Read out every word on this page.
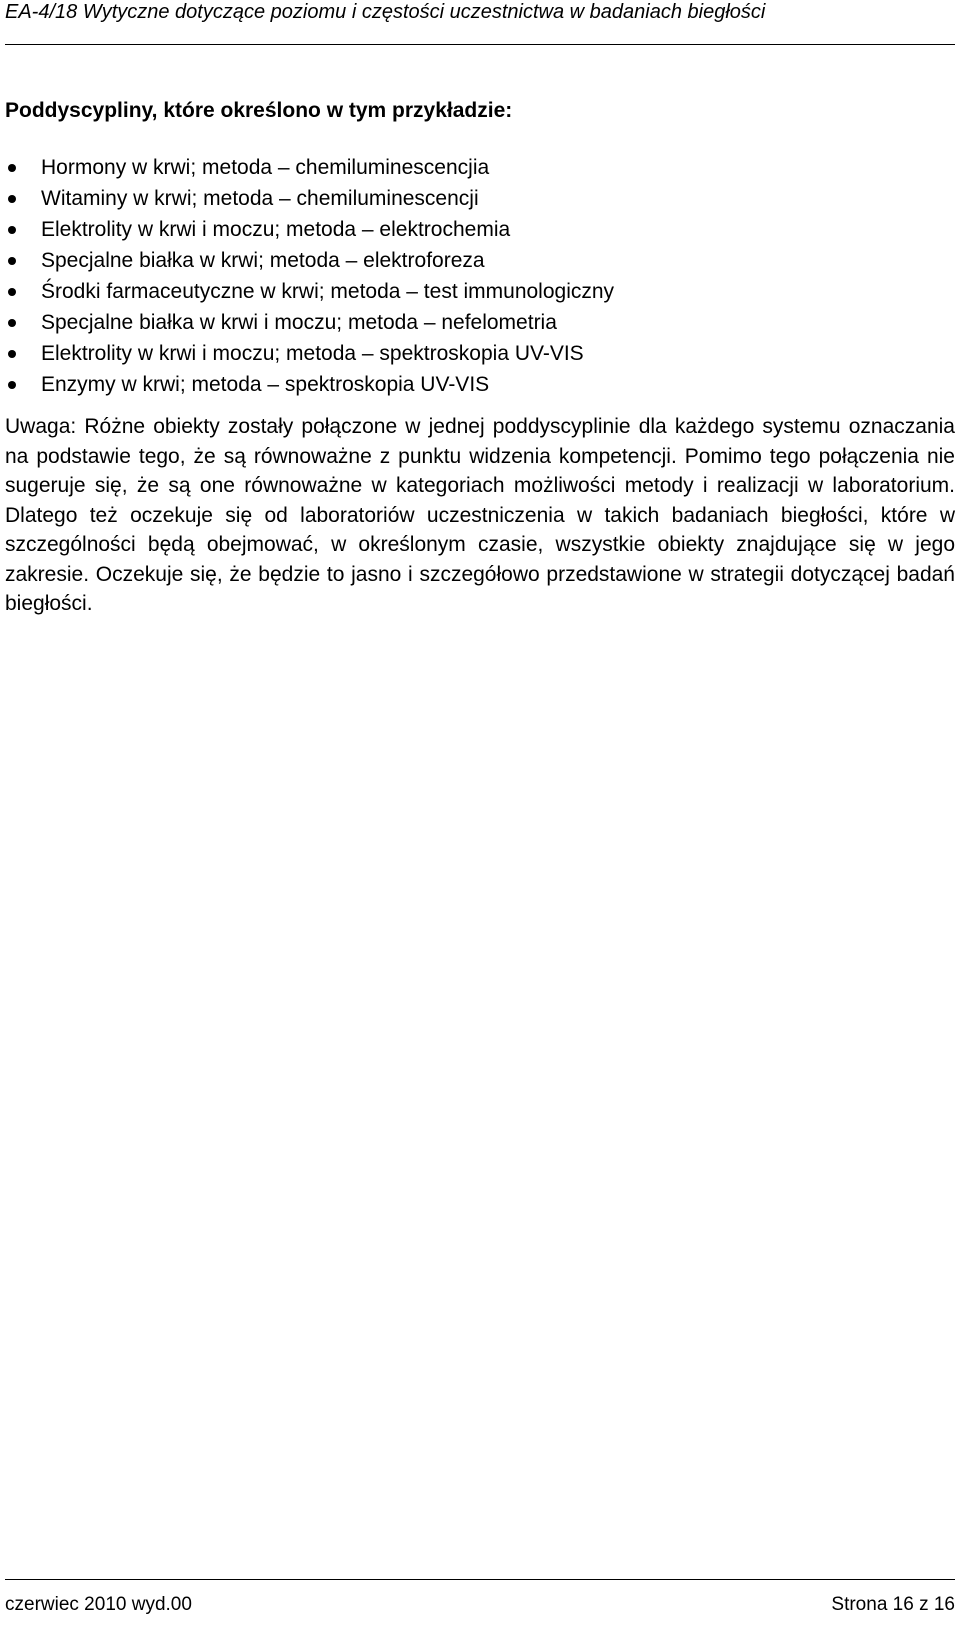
EA-4/18 Wytyczne dotyczące poziomu i częstości uczestnictwa w badaniach biegłości
Poddyscypliny, które określono w tym przykładzie:
Hormony w krwi; metoda – chemiluminescencjia
Witaminy w krwi; metoda – chemiluminescencji
Elektrolity w krwi i moczu; metoda – elektrochemia
Specjalne białka w krwi; metoda – elektroforeza
Środki farmaceutyczne w krwi; metoda – test immunologiczny
Specjalne białka w krwi i moczu; metoda – nefelometria
Elektrolity w krwi i moczu; metoda – spektroskopia UV-VIS
Enzymy w krwi; metoda – spektroskopia UV-VIS

Uwaga: Różne obiekty zostały połączone w jednej poddyscyplinie dla każdego systemu oznaczania na podstawie tego, że są równoważne z punktu widzenia kompetencji. Pomimo tego połączenia nie sugeruje się, że są one równoważne w kategoriach możliwości metody i realizacji w laboratorium. Dlatego też oczekuje się od laboratoriów uczestniczenia w takich badaniach biegłości, które w szczególności będą obejmować, w określonym czasie, wszystkie obiekty znajdujące się w jego zakresie. Oczekuje się, że będzie to jasno i szczegółowo przedstawione w strategii dotyczącej badań biegłości.

czerwiec 2010 wyd.00	Strona 16 z 16
